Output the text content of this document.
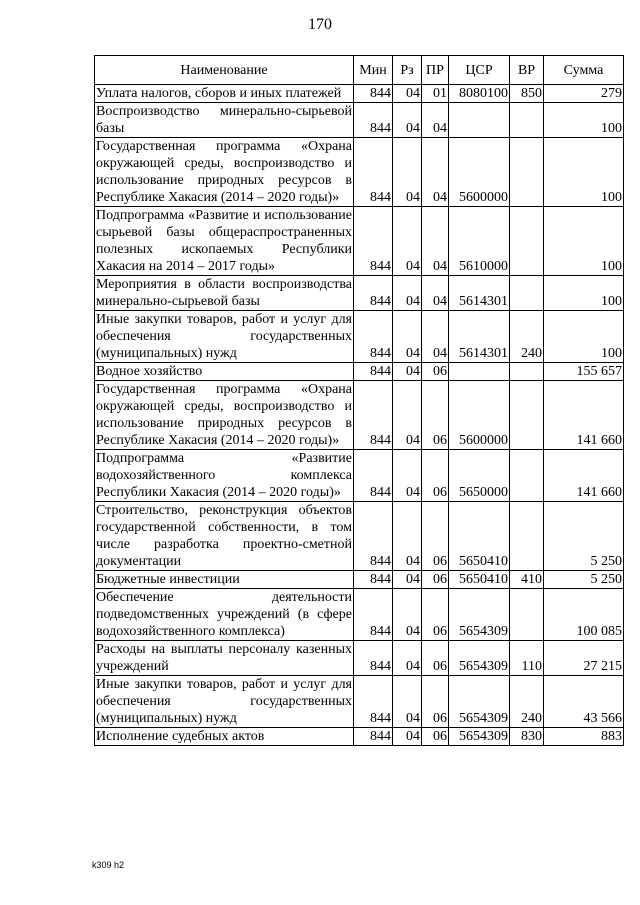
170
Наименование	Мин	Рз	ПР	ЦСР	ВР	Сумма
Уплата налогов, сборов и иных платежей	844	04	01	8080100	850	279
Воспроизводство минерально-сырьевой базы	844	04	04			100
Государственная программа «Охрана окружающей среды, воспроизводство и использование природных ресурсов в Республике Хакасия (2014 – 2020 годы)»	844	04	04	5600000		100
Подпрограмма «Развитие и использование сырьевой базы общераспространенных полезных ископаемых Республики Хакасия на 2014 – 2017 годы»	844	04	04	5610000		100
Мероприятия в области воспроизводства минерально-сырьевой базы	844	04	04	5614301		100
Иные закупки товаров, работ и услуг для обеспечения государственных (муниципальных) нужд	844	04	04	5614301	240	100
Водное хозяйство	844	04	06			155 657
Государственная программа «Охрана окружающей среды, воспроизводство и использование природных ресурсов в Республике Хакасия (2014 – 2020 годы)»	844	04	06	5600000		141 660
Подпрограмма «Развитие водохозяйственного комплекса Республики Хакасия (2014 – 2020 годы)»	844	04	06	5650000		141 660
Строительство, реконструкция объектов государственной собственности, в том числе разработка проектно-сметной документации	844	04	06	5650410		5 250
Бюджетные инвестиции	844	04	06	5650410	410	5 250
Обеспечение деятельности подведомственных учреждений (в сфере водохозяйственного комплекса)	844	04	06	5654309		100 085
Расходы на выплаты персоналу казенных учреждений	844	04	06	5654309	110	27 215
Иные закупки товаров, работ и услуг для обеспечения государственных (муниципальных) нужд	844	04	06	5654309	240	43 566
Исполнение судебных актов	844	04	06	5654309	830	883
k309 h2
